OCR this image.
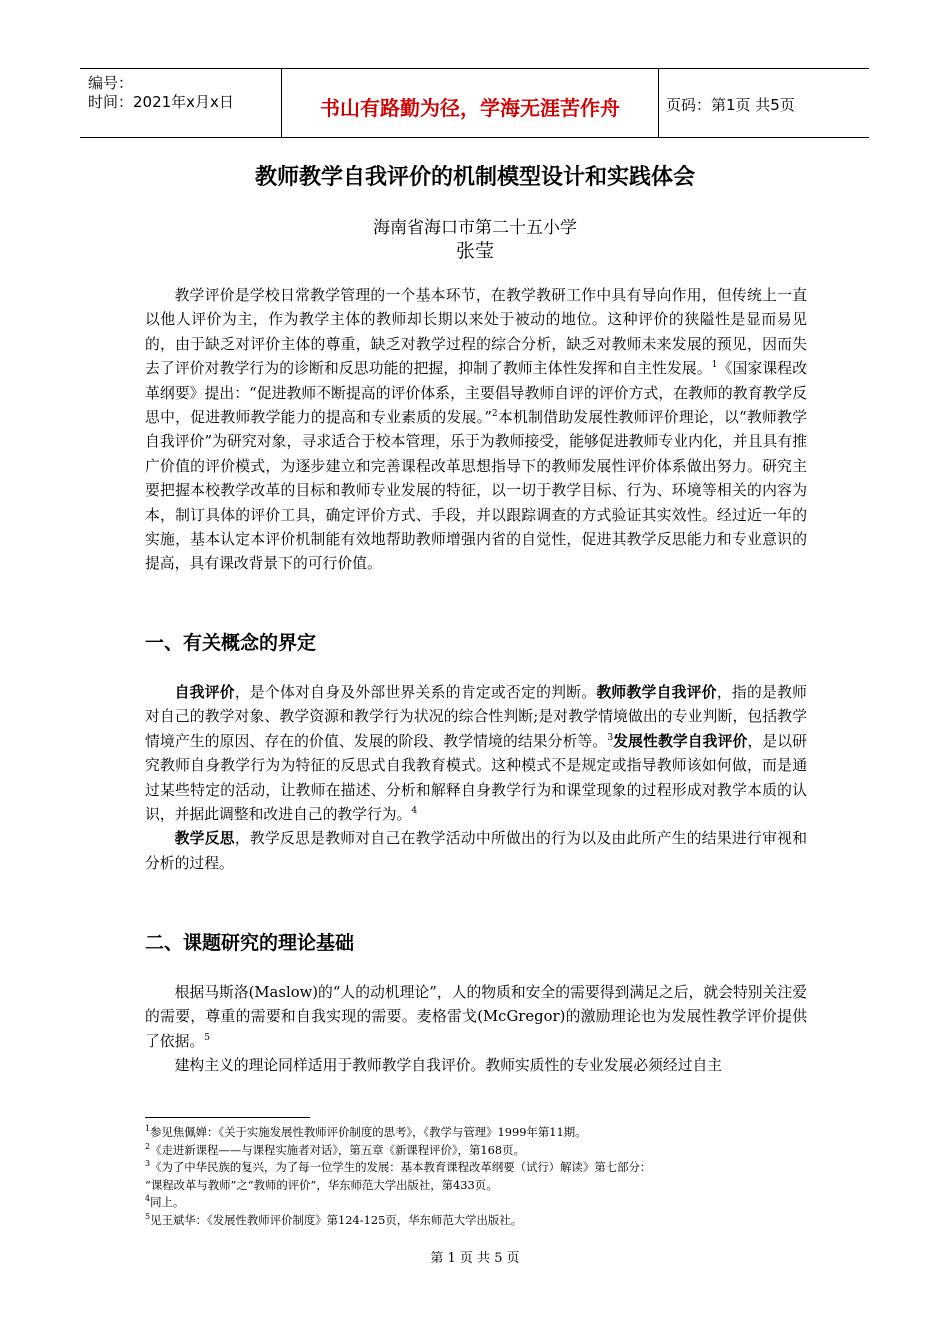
编号：
时间：2021年x月x日	书山有路勤为径，学海无涯苦作舟	页码：第1页 共5页
教师教学自我评价的机制模型设计和实践体会
海南省海口市第二十五小学
张莹

教学评价是学校日常教学管理的一个基本环节，在教学教研工作中具有导向作用，但传统上一直以他人评价为主，作为教学主体的教师却长期以来处于被动的地位。这种评价的狭隘性是显而易见的，由于缺乏对评价主体的尊重，缺乏对教学过程的综合分析，缺乏对教师未来发展的预见，因而失去了评价对教学行为的诊断和反思功能的把握，抑制了教师主体性发挥和自主性发展。$^1$《国家课程改革纲要》提出：“促进教师不断提高的评价体系，主要倡导教师自评的评价方式，在教师的教育教学反思中，促进教师教学能力的提高和专业素质的发展。”$^2$本机制借助发展性教师评价理论，以“教师教学自我评价”为研究对象，寻求适合于校本管理，乐于为教师接受，能够促进教师专业内化，并且具有推广价值的评价模式，为逐步建立和完善课程改革思想指导下的教师发展性评价体系做出努力。研究主要把握本校教学改革的目标和教师专业发展的特征，以一切于教学目标、行为、环境等相关的内容为本，制订具体的评价工具，确定评价方式、手段，并以跟踪调查的方式验证其实效性。经过近一年的实施，基本认定本评价机制能有效地帮助教师增强内省的自觉性，促进其教学反思能力和专业意识的提高，具有课改背景下的可行价值。

一、有关概念的界定

自我评价，是个体对自身及外部世界关系的肯定或否定的判断。教师教学自我评价，指的是教师对自己的教学对象、教学资源和教学行为状况的综合性判断;是对教学情境做出的专业判断，包括教学情境产生的原因、存在的价值、发展的阶段、教学情境的结果分析等。$^3$发展性教学自我评价，是以研究教师自身教学行为为特征的反思式自我教育模式。这种模式不是规定或指导教师该如何做，而是通过某些特定的活动，让教师在描述、分析和解释自身教学行为和课堂现象的过程形成对教学本质的认识，并据此调整和改进自己的教学行为。$^4$

教学反思，教学反思是教师对自己在教学活动中所做出的行为以及由此所产生的结果进行审视和分析的过程。

二、课题研究的理论基础

根据马斯洛(Maslow)的“人的动机理论”，人的物质和安全的需要得到满足之后，就会特别关注爱的需要，尊重的需要和自我实现的需要。麦格雷戈(McGregor)的激励理论也为发展性教学评价提供了依据。$^5$

建构主义的理论同样适用于教师教学自我评价。教师实质性的专业发展必须经过自主

$^1$参见焦佩婵：《关于实施发展性教师评价制度的思考》，《教学与管理》1999年第11期。
$^2$《走进新课程——与课程实施者对话》，第五章《新课程评价》，第168页。
$^3$《为了中华民族的复兴，为了每一位学生的发展：基本教育课程改革纲要（试行）解读》第七部分：
“课程改革与教师”之“教师的评价”，华东师范大学出版社，第433页。
$^4$同上。
$^5$见王斌华：《发展性教师评价制度》第124-125页，华东师范大学出版社。
第 1 页 共 5 页
